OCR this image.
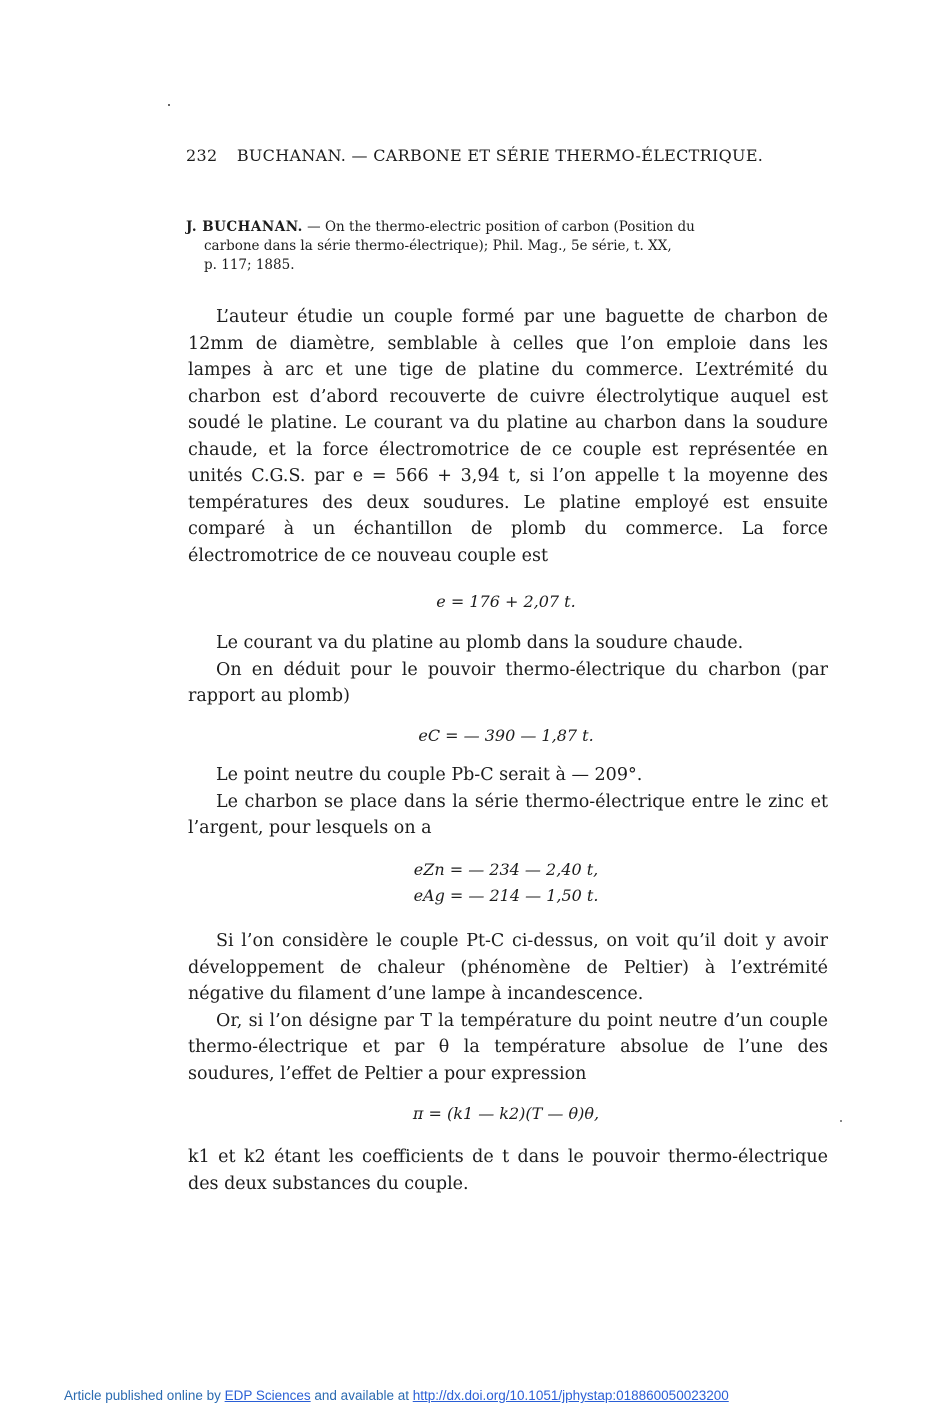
232 BUCHANAN. — CARBONE ET SÉRIE THERMO-ÉLECTRIQUE.
J. BUCHANAN. — On the thermo-electric position of carbon (Position du
carbone dans la série thermo-électrique); Phil. Mag., 5e série, t. XX,
p. 117; 1885.

L’auteur étudie un couple formé par une baguette de charbon de 12mm de diamètre, semblable à celles que l’on emploie dans les lampes à arc et une tige de platine du commerce. L’extrémité du charbon est d’abord recouverte de cuivre électrolytique auquel est soudé le platine. Le courant va du platine au charbon dans la soudure chaude, et la force électromotrice de ce couple est représentée en unités C.G.S. par e = 566 + 3,94 t, si l’on appelle t la moyenne des températures des deux soudures. Le platine employé est ensuite comparé à un échantillon de plomb du commerce. La force électromotrice de ce nouveau couple est

e = 176 + 2,07 t.

Le courant va du platine au plomb dans la soudure chaude.

On en déduit pour le pouvoir thermo-électrique du charbon (par rapport au plomb)

eC = — 390 — 1,87 t.

Le point neutre du couple Pb-C serait à — 209°.

Le charbon se place dans la série thermo-électrique entre le zinc et l’argent, pour lesquels on a

eZn = — 234 — 2,40 t,
eAg = — 214 — 1,50 t.

Si l’on considère le couple Pt-C ci-dessus, on voit qu’il doit y avoir développement de chaleur (phénomène de Peltier) à l’extrémité négative du filament d’une lampe à incandescence.

Or, si l’on désigne par T la température du point neutre d’un couple thermo-électrique et par θ la température absolue de l’une des soudures, l’effet de Peltier a pour expression

π = (k1 — k2)(T — θ)θ,

k1 et k2 étant les coefficients de t dans le pouvoir thermo-électrique des deux substances du couple.

Article published online by EDP Sciences and available at http://dx.doi.org/10.1051/jphystap:018860050023200
